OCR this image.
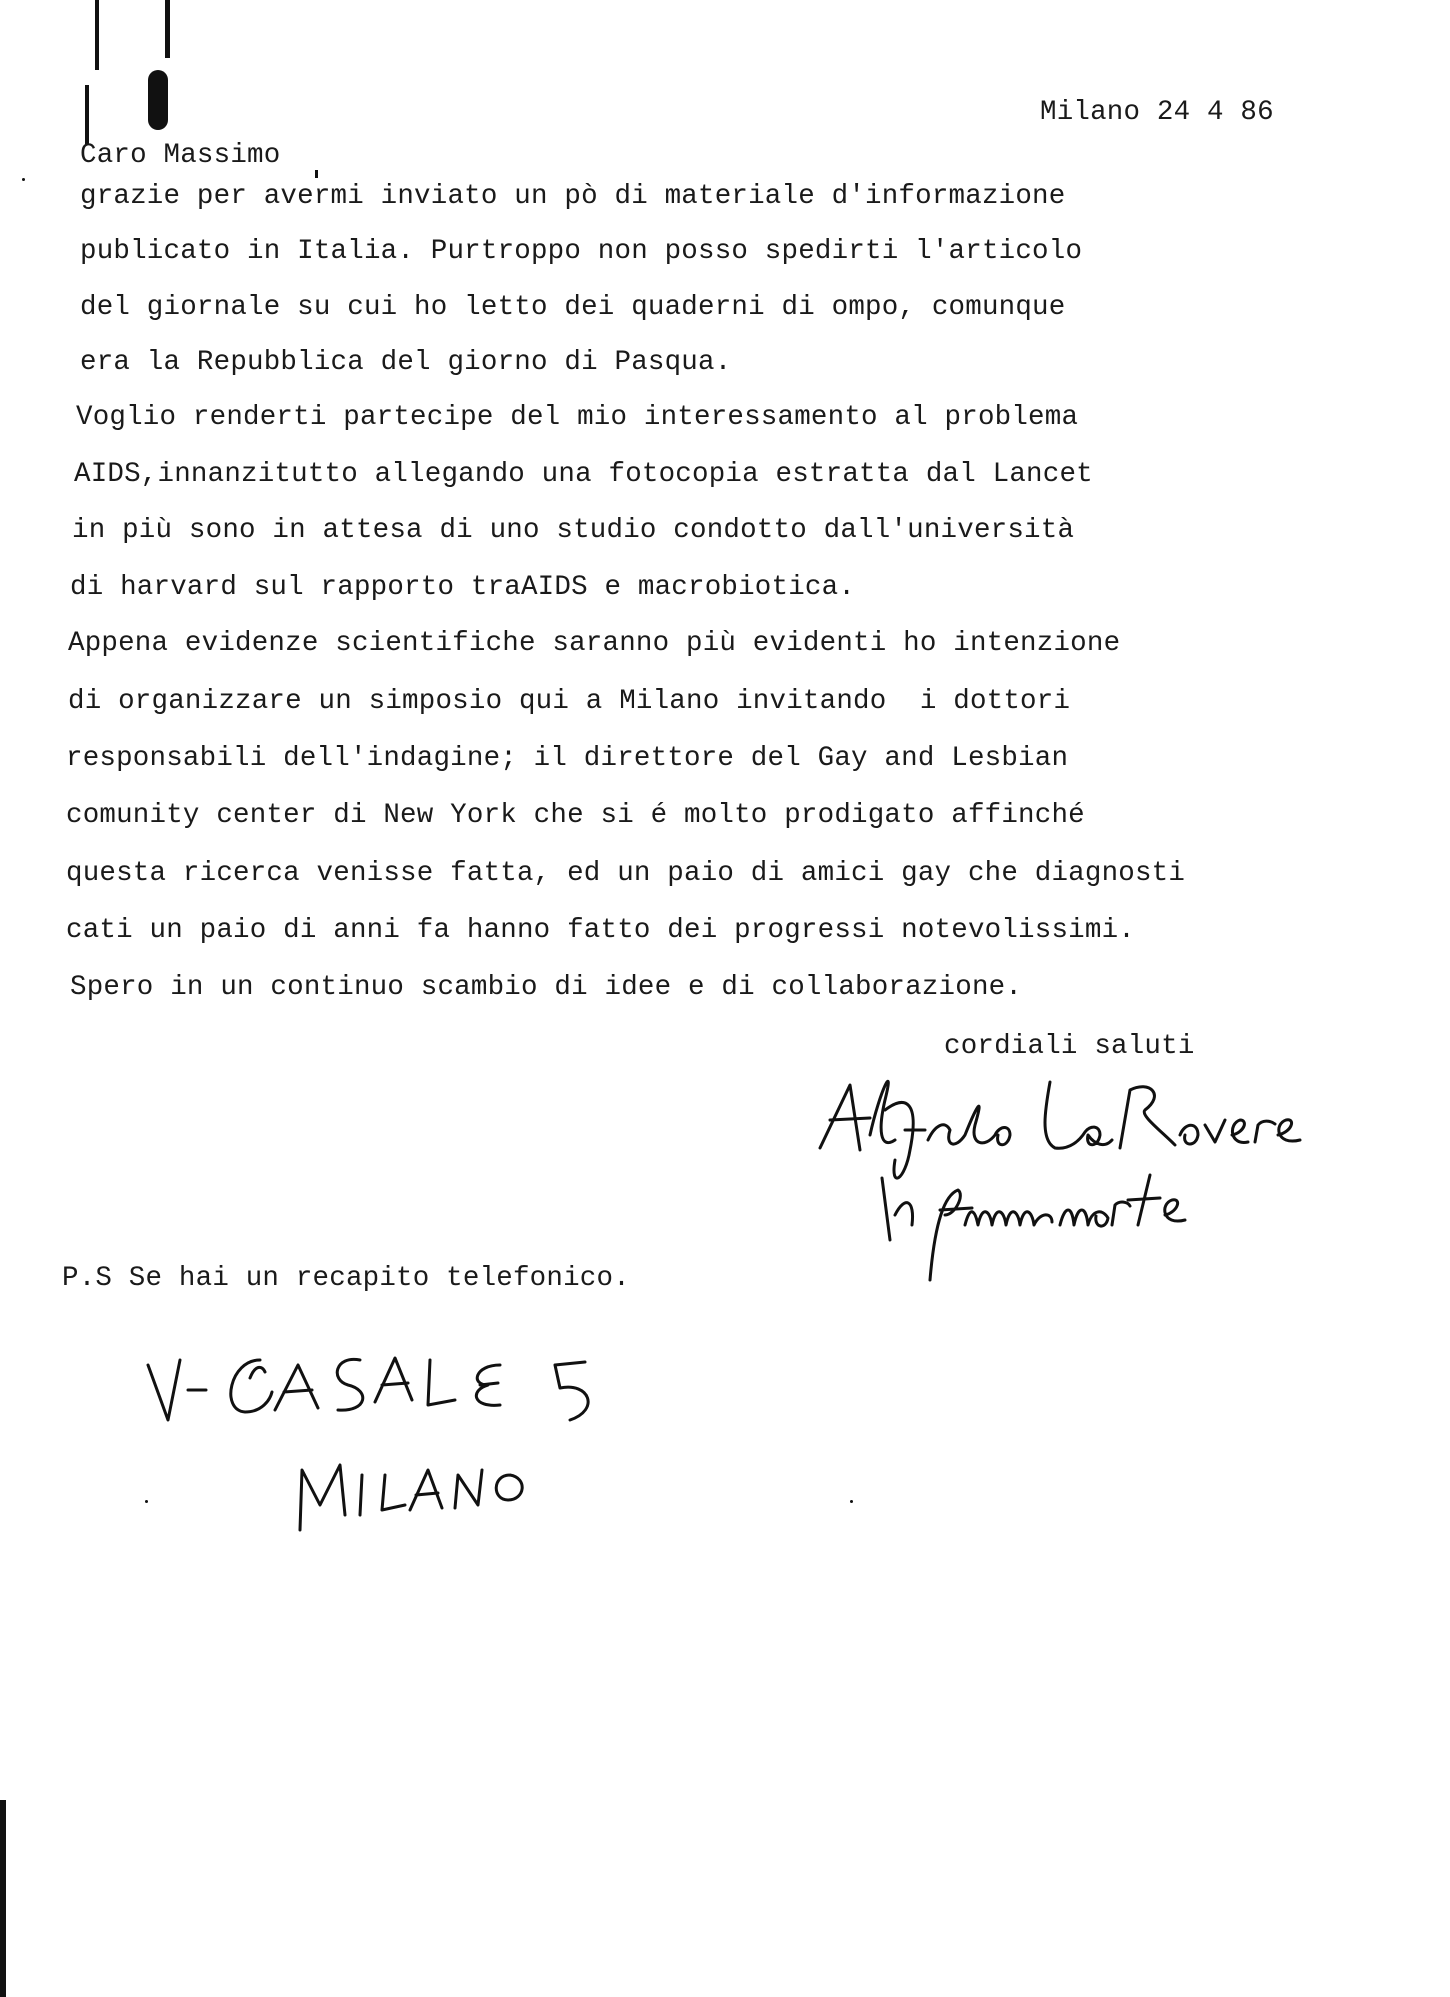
Milano 24 4 86
Caro Massimo
grazie per avermi inviato un pò di materiale d'informazione
publicato in Italia. Purtroppo non posso spedirti l'articolo
del giornale su cui ho letto dei quaderni di ompo, comunque
era la Repubblica del giorno di Pasqua.
Voglio renderti partecipe del mio interessamento al problema
AIDS,innanzitutto allegando una fotocopia estratta dal Lancet
in più sono in attesa di uno studio condotto dall'università
di harvard sul rapporto traAIDS e macrobiotica.
Appena evidenze scientifiche saranno più evidenti ho intenzione
di organizzare un simposio qui a Milano invitando  i dottori
responsabili dell'indagine; il direttore del Gay and Lesbian
comunity center di New York che si é molto prodigato affinché
questa ricerca venisse fatta, ed un paio di amici gay che diagnosti
cati un paio di anni fa hanno fatto dei progressi notevolissimi.
Spero in un continuo scambio di idee e di collaborazione.
cordiali saluti
P.S Se hai un recapito telefonico.
